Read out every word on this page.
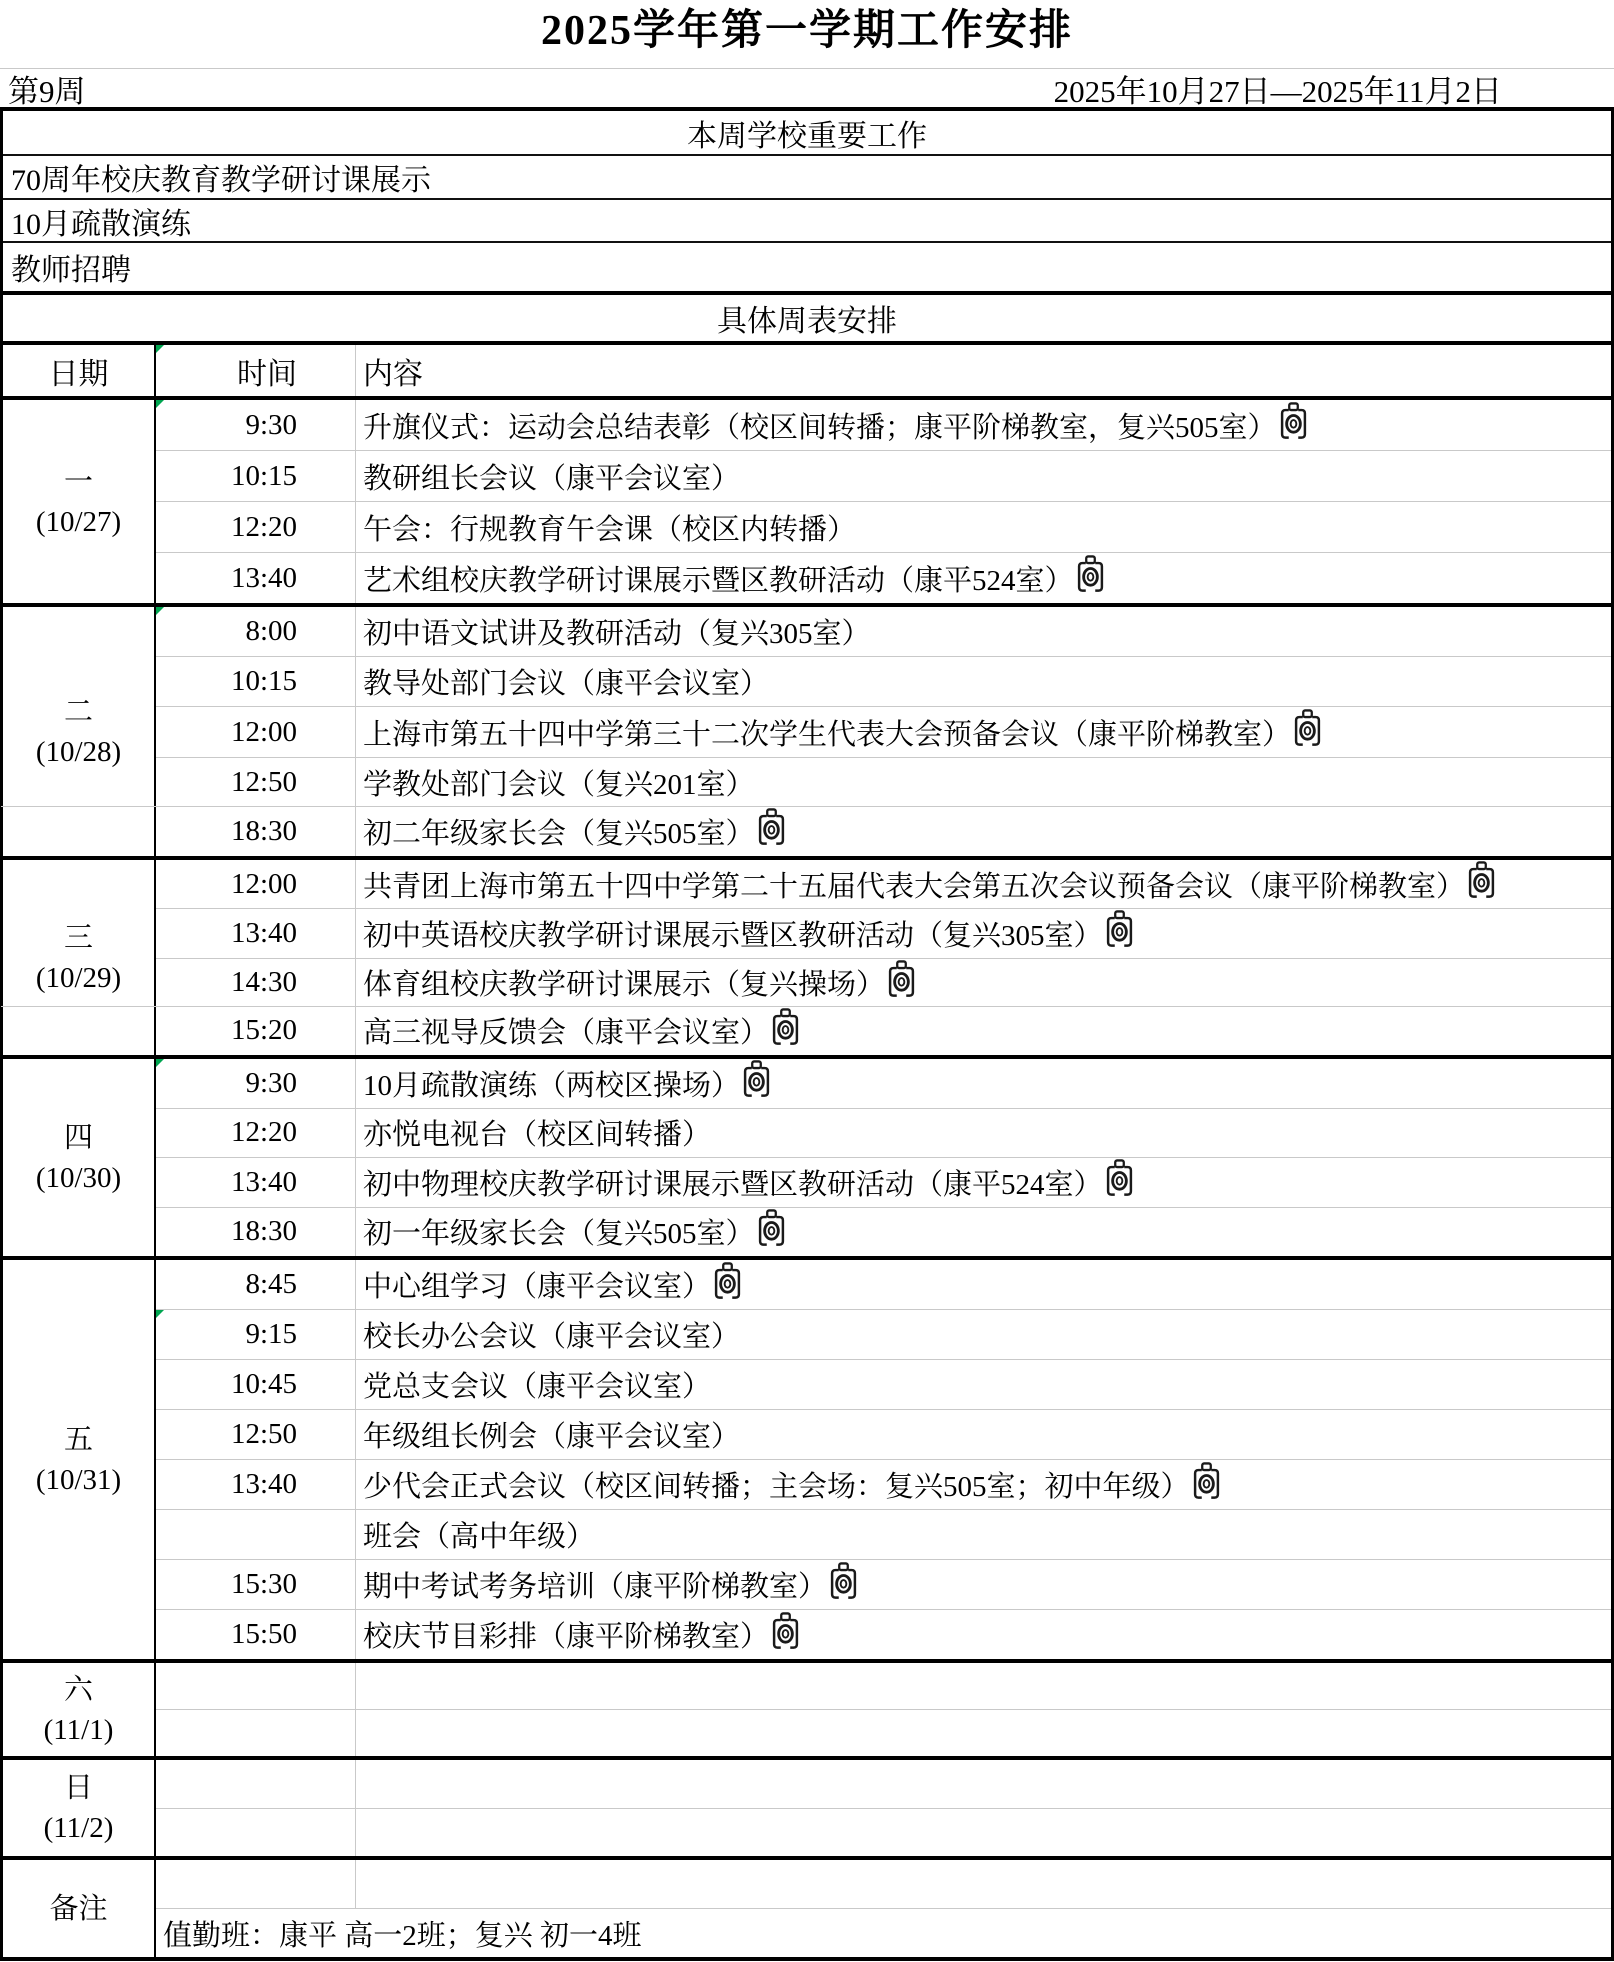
2025学年第一学期工作安排
第9周	2025年10月27日—2025年11月2日
本周学校重要工作
70周年校庆教育教学研讨课展示
10月疏散演练
教师招聘
具体周表安排
日期	时间 内容
一
(10/27)
9:30 升旗仪式：运动会总结表彰（校区间转播；康平阶梯教室，复兴505室）
10:15 教研组长会议（康平会议室）
12:20 午会：行规教育午会课（校区内转播）
13:40 艺术组校庆教学研讨课展示暨区教研活动（康平524室）
二
(10/28)
8:00 初中语文试讲及教研活动（复兴305室）
10:15 教导处部门会议（康平会议室）
12:00 上海市第五十四中学第三十二次学生代表大会预备会议（康平阶梯教室）
12:50 学教处部门会议（复兴201室）
18:30 初二年级家长会（复兴505室）
三
(10/29)
12:00 共青团上海市第五十四中学第二十五届代表大会第五次会议预备会议（康平阶梯教室）
13:40 初中英语校庆教学研讨课展示暨区教研活动（复兴305室）
14:30 体育组校庆教学研讨课展示（复兴操场）
15:20 高三视导反馈会（康平会议室）
四
(10/30)
9:30 10月疏散演练（两校区操场）
12:20 亦悦电视台（校区间转播）
13:40 初中物理校庆教学研讨课展示暨区教研活动（康平524室）
18:30 初一年级家长会（复兴505室）
五
(10/31)
8:45 中心组学习（康平会议室）
9:15 校长办公会议（康平会议室）
10:45 党总支会议（康平会议室）
12:50 年级组长例会（康平会议室）
13:40 少代会正式会议（校区间转播；主会场：复兴505室；初中年级）
班会（高中年级）
15:30 期中考试考务培训（康平阶梯教室）
15:50 校庆节目彩排（康平阶梯教室）
六
(11/1)
日
(11/2)
备注
值勤班：康平 高一2班；复兴 初一4班
